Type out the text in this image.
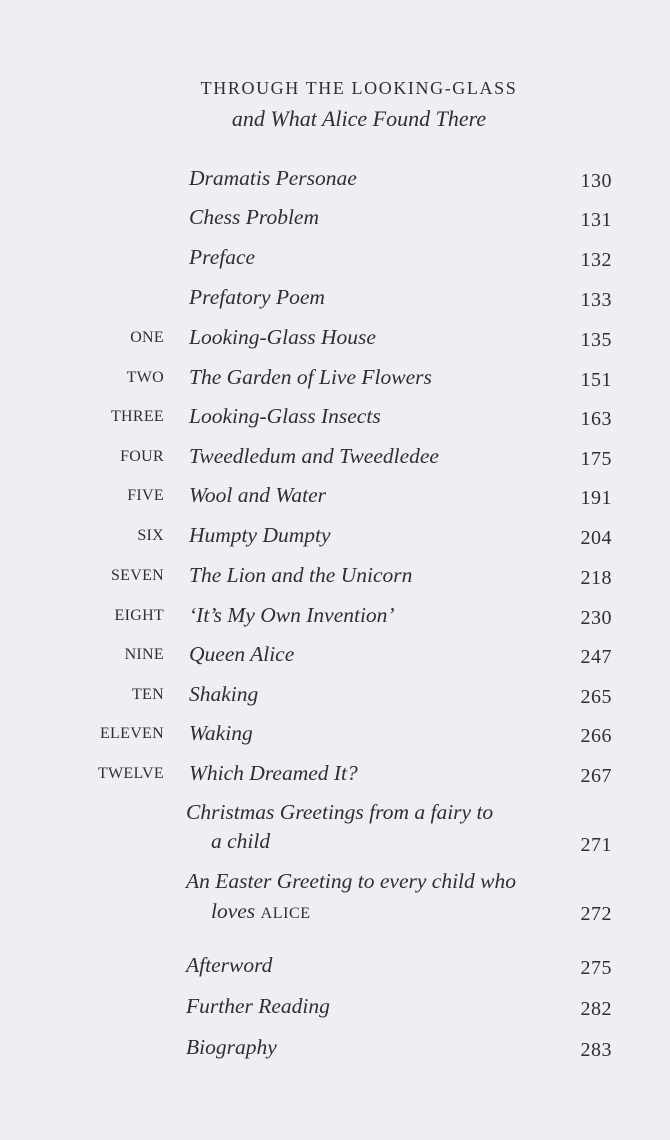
THROUGH THE LOOKING-GLASS
and What Alice Found There
Dramatis Personae	130
Chess Problem	131
Preface	132
Prefatory Poem	133
ONE Looking-Glass House	135
TWO The Garden of Live Flowers	151
THREE Looking-Glass Insects	163
FOUR Tweedledum and Tweedledee	175
FIVE Wool and Water	191
SIX Humpty Dumpty	204
SEVEN The Lion and the Unicorn	218
EIGHT ‘It’s My Own Invention’	230
NINE Queen Alice	247
TEN Shaking	265
ELEVEN Waking	266
TWELVE Which Dreamed It?	267
Christmas Greetings from a fairy to
a child	271
An Easter Greeting to every child who
loves ALICE	272
Afterword	275
Further Reading	282
Biography	283
